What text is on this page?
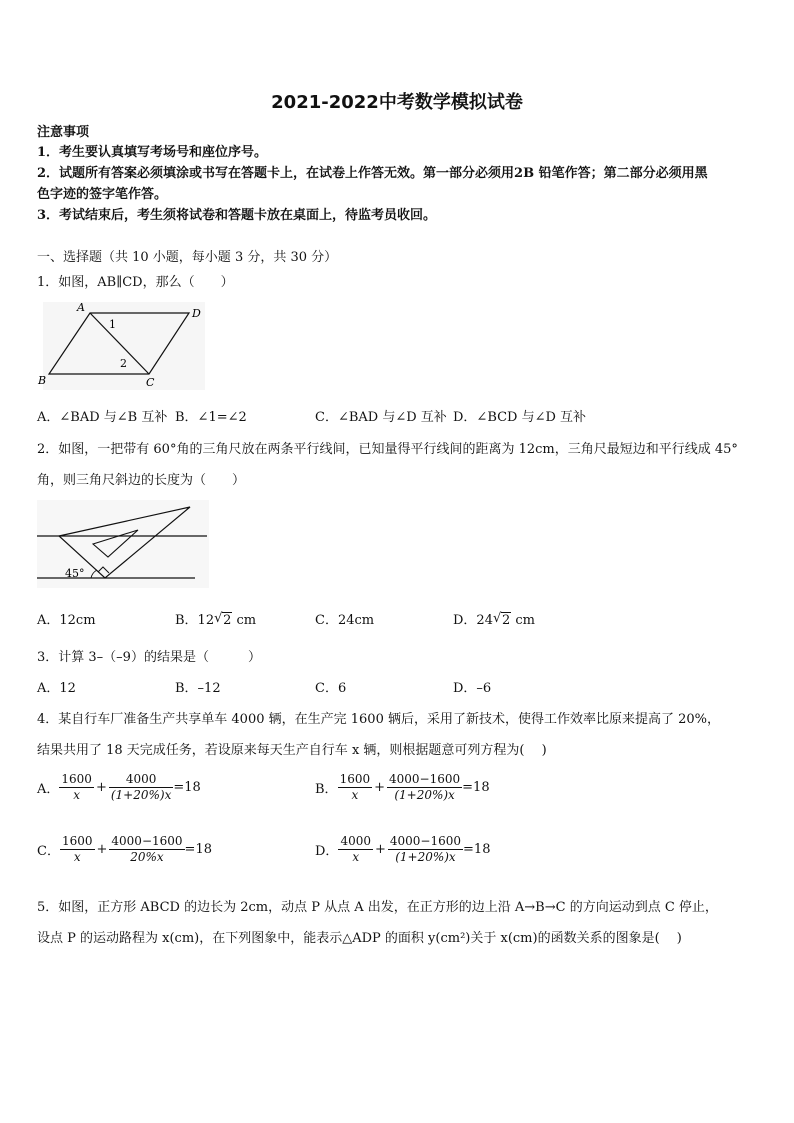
2021-2022中考数学模拟试卷
注意事项
1．考生要认真填写考场号和座位序号。
2．试题所有答案必须填涂或书写在答题卡上，在试卷上作答无效。第一部分必须用2B 铅笔作答；第二部分必须用黑
色字迹的签字笔作答。
3．考试结束后，考生须将试卷和答题卡放在桌面上，待监考员收回。
一、选择题（共 10 小题，每小题 3 分，共 30 分）
1．如图，AB∥CD，那么（　　）
A	D
B	C
1
2
A．∠BAD 与∠B 互补 B．∠1=∠2	C．∠BAD 与∠D 互补 D．∠BCD 与∠D 互补
2．如图，一把带有 60°角的三角尺放在两条平行线间，已知量得平行线间的距离为 12cm，三角尺最短边和平行线成 45°
角，则三角尺斜边的长度为（　　）
45°
A．12cm	B．12 √ 2 cm	C．24cm	D．24 √ 2 cm
3．计算 3–（–9）的结果是（　　　）
A．12	B．–12	C．6	D．–6
4．某自行车厂准备生产共享单车 4000 辆，在生产完 1600 辆后，采用了新技术，使得工作效率比原来提高了 20%，
结果共用了 18 天完成任务，若设原来每天生产自行车 x 辆，则根据题意可列方程为(　 )
A． $\frac{1600}{x} + \frac{4000}{(1+20\%)x} =18$	B． $\frac{1600}{x} + \frac{4000-1600}{(1+20\%)x} =18$
C． $\frac{1600}{x} + \frac{4000-1600}{20\%x} =18$	D． $\frac{4000}{x} + \frac{4000-1600}{(1+20\%)x} =18$
5．如图，正方形 ABCD 的边长为 2cm，动点 P 从点 A 出发，在正方形的边上沿 A→B→C 的方向运动到点 C 停止，
设点 P 的运动路程为 x(cm)，在下列图象中，能表示△ADP 的面积 y(cm²)关于 x(cm)的函数关系的图象是(　 )
